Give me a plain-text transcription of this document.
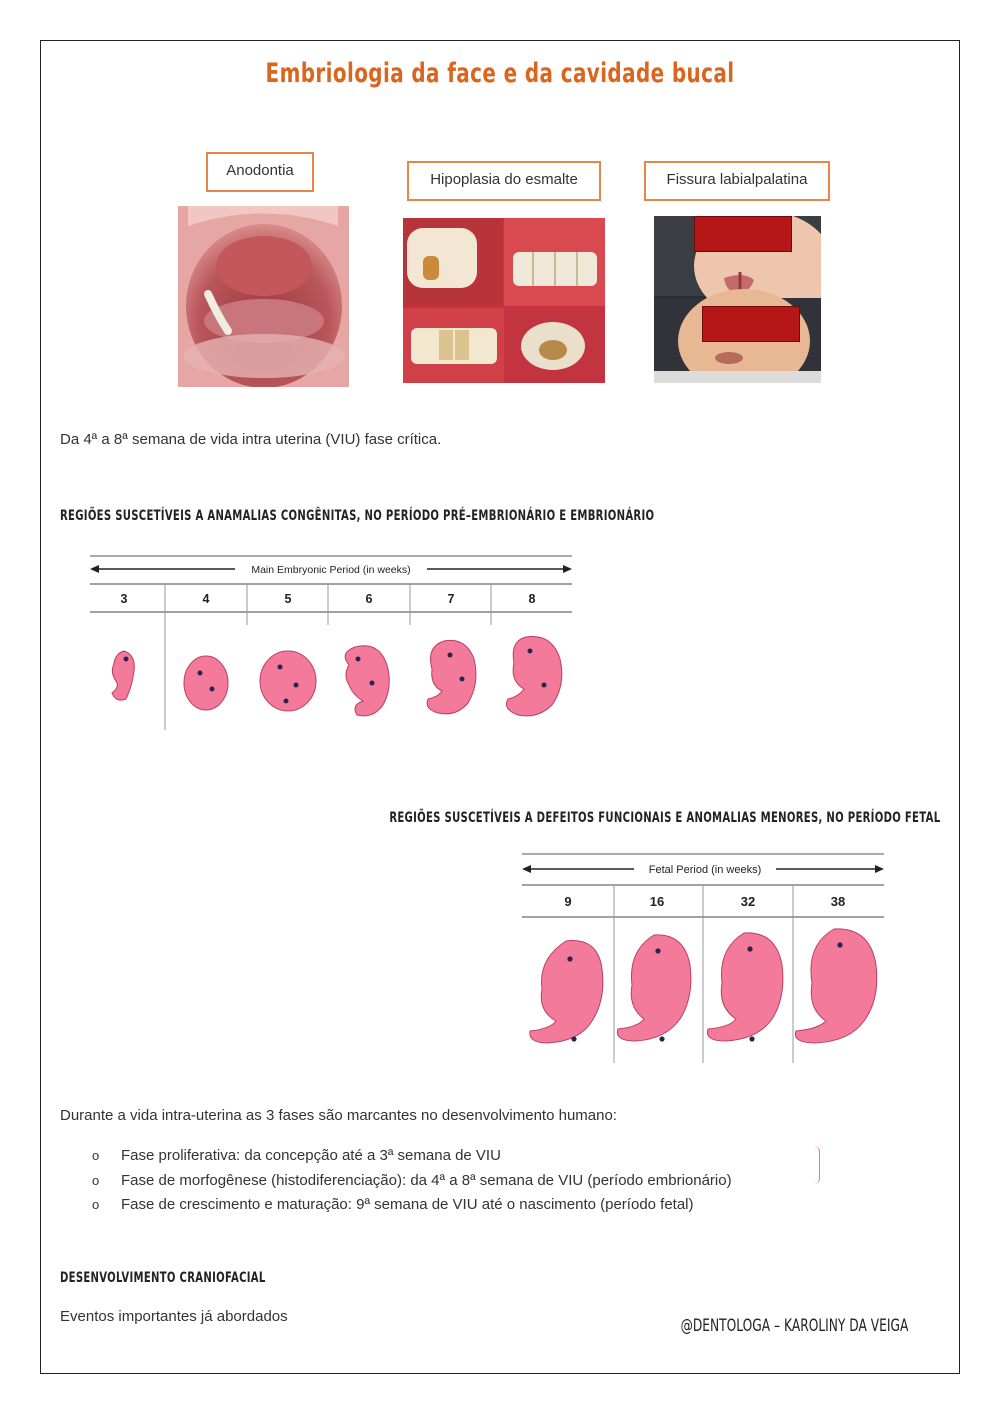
Embriologia da face e da cavidade bucal
Anodontia
Hipoplasia do esmalte	Fissura labialpalatina

Da 4ª a 8ª semana de vida intra uterina (VIU) fase crítica.

REGIÕES SUSCETÍVEIS A ANAMALIAS CONGÊNITAS, NO PERÍODO PRÉ–EMBRIONÁRIO E EMBRIONÁRIO
Main Embryonic Period (in weeks)
3	4	5	6	7	8
REGIÕES SUSCETÍVEIS A DEFEITOS FUNCIONAIS E ANOMALIAS MENORES, NO PERÍODO FETAL
Fetal Period (in weeks)
9	16	32	38

Durante a vida intra-uterina as 3 fases são marcantes no desenvolvimento humano:

o Fase proliferativa: da concepção até a 3ª semana de VIU
o Fase de morfogênese (histodiferenciação): da 4ª a 8ª semana de VIU (período embrionário)
o Fase de crescimento e maturação: 9ª semana de VIU até o nascimento (período fetal)
DESENVOLVIMENTO CRANIOFACIAL

Eventos importantes já abordados	@DENTOLOGA – KAROLINY DA VEIGA
